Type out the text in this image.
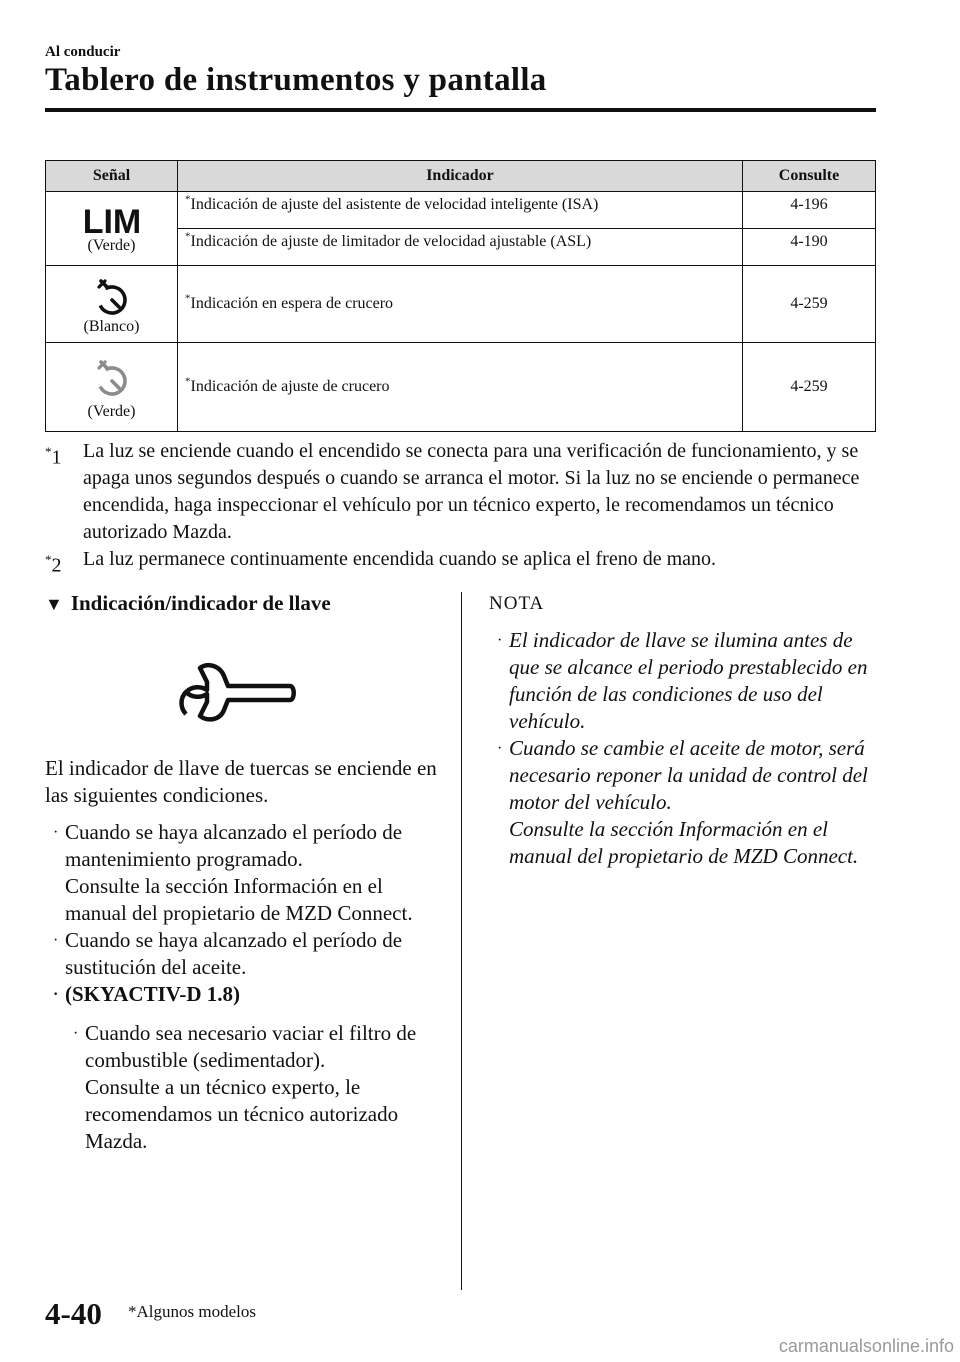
Al conducir
Tablero de instrumentos y pantalla
Señal	Indicador	Consulte

LIM
(Verde)	*Indicación de ajuste del asistente de velocidad inteligente (ISA)	4-196
	*Indicación de ajuste de limitador de velocidad ajustable (ASL)	4-190

(Blanco)	*Indicación en espera de crucero	4-259

(Verde)	*Indicación de ajuste de crucero	4-259
*1 La luz se enciende cuando el encendido se conecta para una verificación de funcionamiento, y se apaga unos segundos después o cuando se arranca el motor. Si la luz no se enciende o permanece encendida, haga inspeccionar el vehículo por un técnico experto, le recomendamos un técnico autorizado Mazda.
*2 La luz permanece continuamente encendida cuando se aplica el freno de mano.
▼ Indicación/indicador de llave
El indicador de llave de tuercas se enciende en las siguientes condiciones.
· Cuando se haya alcanzado el período de mantenimiento programado.
Consulte la sección Información en el manual del propietario de MZD Connect.
· Cuando se haya alcanzado el período de sustitución del aceite.
· (SKYACTIV-D 1.8)
· Cuando sea necesario vaciar el filtro de combustible (sedimentador).
Consulte a un técnico experto, le recomendamos un técnico autorizado Mazda.
NOTA
· El indicador de llave se ilumina antes de que se alcance el periodo prestablecido en función de las condiciones de uso del vehículo.
· Cuando se cambie el aceite de motor, será necesario reponer la unidad de control del motor del vehículo.
Consulte la sección Información en el manual del propietario de MZD Connect.
4-40 *Algunos modelos
carmanualsonline.info
